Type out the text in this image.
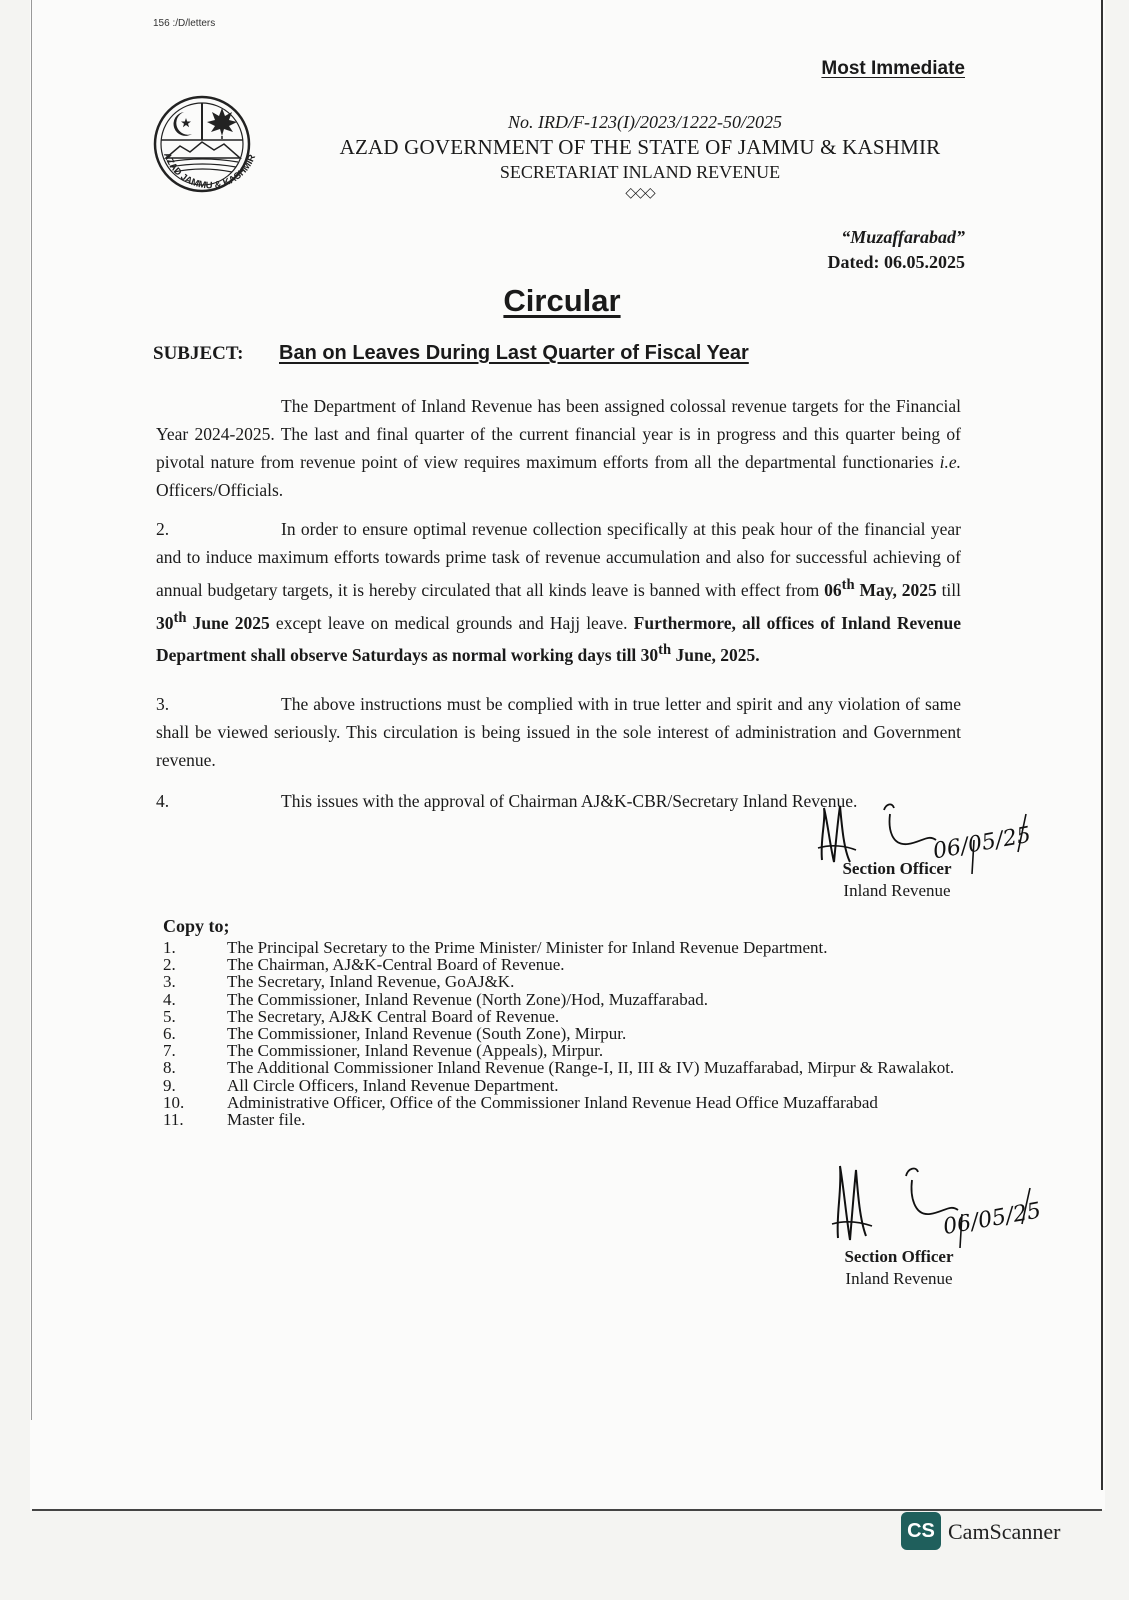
156 :/D/letters
Most Immediate
AZAD JAMMU & KASHMIR
No. IRD/F-123(I)/2023/1222-50/2025
AZAD GOVERNMENT OF THE STATE OF JAMMU & KASHMIR
SECRETARIAT INLAND REVENUE
◇◇◇
“Muzaffarabad”
Dated: 06.05.2025
Circular
SUBJECT: Ban on Leaves During Last Quarter of Fiscal Year
The Department of Inland Revenue has been assigned colossal revenue targets for the Financial Year 2024-2025. The last and final quarter of the current financial year is in progress and this quarter being of pivotal nature from revenue point of view requires maximum efforts from all the departmental functionaries i.e. Officers/Officials.
2.	In order to ensure optimal revenue collection specifically at this peak hour of the financial year and to induce maximum efforts towards prime task of revenue accumulation and also for successful achieving of annual budgetary targets, it is hereby circulated that all kinds leave is banned with effect from 06th May, 2025 till 30th June 2025 except leave on medical grounds and Hajj leave. Furthermore, all offices of Inland Revenue Department shall observe Saturdays as normal working days till 30th June, 2025.
3.	The above instructions must be complied with in true letter and spirit and any violation of same shall be viewed seriously. This circulation is being issued in the sole interest of administration and Government revenue.
4.	This issues with the approval of Chairman AJ&K-CBR/Secretary Inland Revenue.
06/05/25
Section Officer
Inland Revenue
Copy to;
1.	The Principal Secretary to the Prime Minister/ Minister for Inland Revenue Department.
2.	The Chairman, AJ&K-Central Board of Revenue.
3.	The Secretary, Inland Revenue, GoAJ&K.
4.	The Commissioner, Inland Revenue (North Zone)/Hod, Muzaffarabad.
5.	The Secretary, AJ&K Central Board of Revenue.
6.	The Commissioner, Inland Revenue (South Zone), Mirpur.
7.	The Commissioner, Inland Revenue (Appeals), Mirpur.
8.	The Additional Commissioner Inland Revenue (Range-I, II, III & IV) Muzaffarabad, Mirpur & Rawalakot.
9.	All Circle Officers, Inland Revenue Department.
10.	Administrative Officer, Office of the Commissioner Inland Revenue Head Office Muzaffarabad
11.	Master file.
06/05/25
Section Officer
Inland Revenue
CS CamScanner
